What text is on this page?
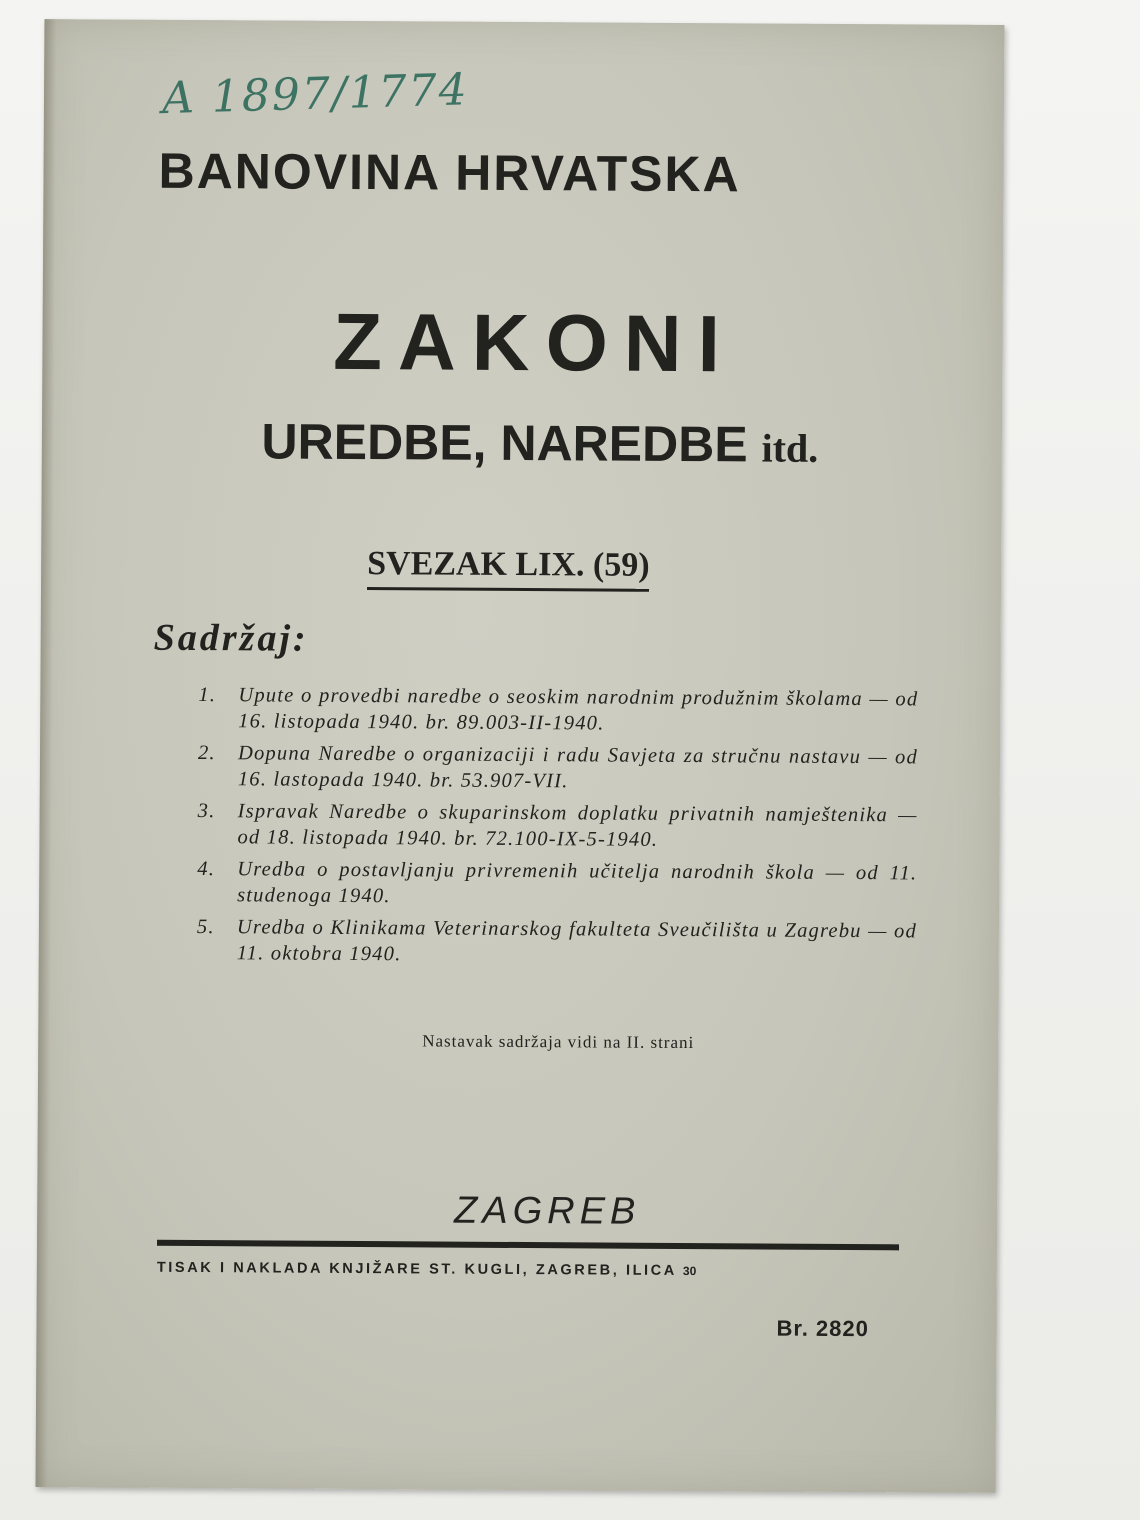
A 1897/1774
BANOVINA HRVATSKA
ZAKONI
UREDBE, NAREDBE itd.
SVEZAK LIX. (59)
Sadržaj:
1.	Upute o provedbi naredbe o seoskim narodnim produžnim školama — od 16. listopada 1940. br. 89.003-II-1940.
2.	Dopuna Naredbe o organizaciji i radu Savjeta za stručnu nastavu — od 16. lastopada 1940. br. 53.907-VII.
3.	Ispravak Naredbe o skuparinskom doplatku privatnih namještenika — od 18. listopada 1940. br. 72.100-IX-5-1940.
4.	Uredba o postavljanju privremenih učitelja narodnih škola — od 11. studenoga 1940.
5.	Uredba o Klinikama Veterinarskog fakulteta Sveučilišta u Zagrebu — od 11. oktobra 1940.
Nastavak sadržaja vidi na II. strani
ZAGREB
TISAK I NAKLADA KNJIŽARE ST. KUGLI, ZAGREB, ILICA 30
Br. 2820
